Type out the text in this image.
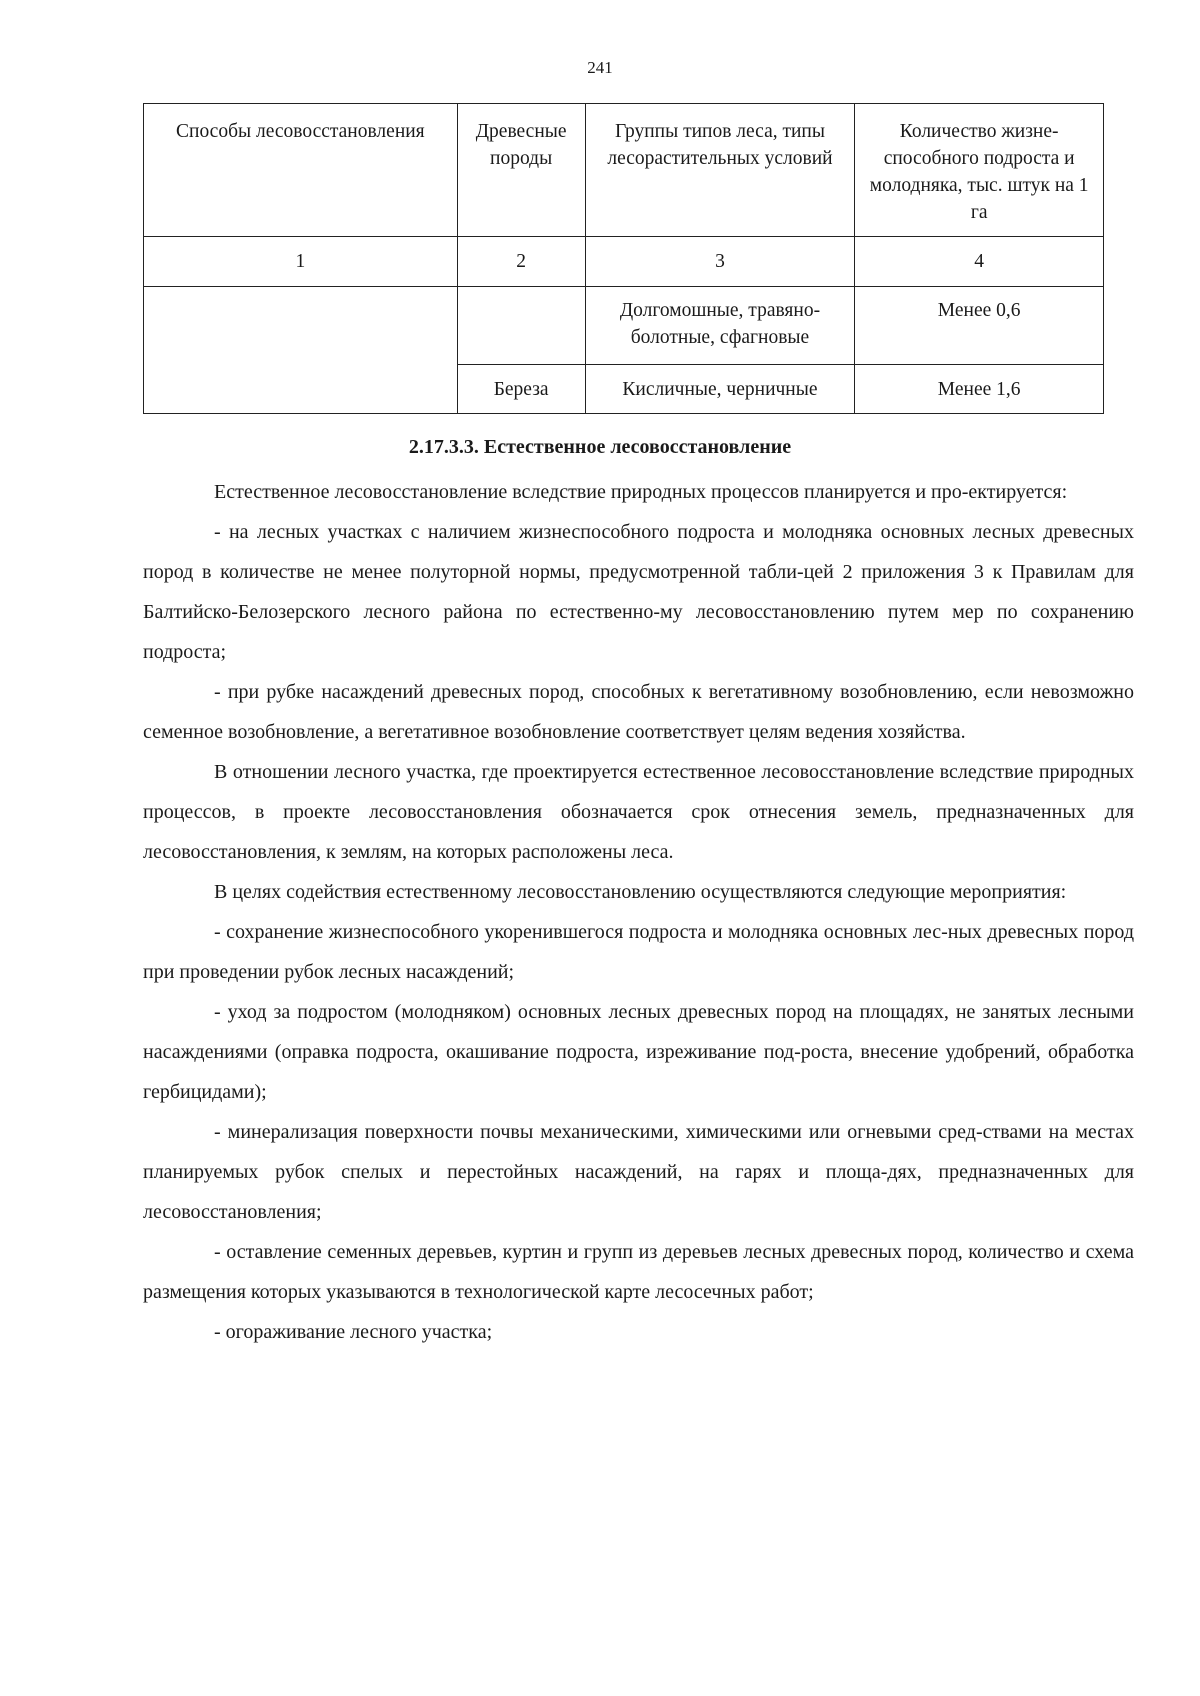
241
Способы лесовосстановления	Древесные породы	Группы типов леса, типы лесорастительных условий	Количество жизне-способного подроста и молодняка, тыс. штук на 1 га
1	2	3	4
		Долгомошные, травяно-болотные, сфагновые	Менее 0,6
	Береза	Кисличные, черничные	Менее 1,6
2.17.3.3. Естественное лесовосстановление

Естественное лесовосстановление вследствие природных процессов планируется и про-ектируется:

- на лесных участках с наличием жизнеспособного подроста и молодняка основных лесных древесных пород в количестве не менее полуторной нормы, предусмотренной табли-цей 2 приложения 3 к Правилам для Балтийско-Белозерского лесного района по естественно-му лесовосстановлению путем мер по сохранению подроста;

- при рубке насаждений древесных пород, способных к вегетативному возобновлению, если невозможно семенное возобновление, а вегетативное возобновление соответствует целям ведения хозяйства.

В отношении лесного участка, где проектируется естественное лесовосстановление вследствие природных процессов, в проекте лесовосстановления обозначается срок отнесения земель, предназначенных для лесовосстановления, к землям, на которых расположены леса.

В целях содействия естественному лесовосстановлению осуществляются следующие мероприятия:

- сохранение жизнеспособного укоренившегося подроста и молодняка основных лес-ных древесных пород при проведении рубок лесных насаждений;

- уход за подростом (молодняком) основных лесных древесных пород на площадях, не занятых лесными насаждениями (оправка подроста, окашивание подроста, изреживание под-роста, внесение удобрений, обработка гербицидами);

- минерализация поверхности почвы механическими, химическими или огневыми сред-ствами на местах планируемых рубок спелых и перестойных насаждений, на гарях и площа-дях, предназначенных для лесовосстановления;

- оставление семенных деревьев, куртин и групп из деревьев лесных древесных пород, количество и схема размещения которых указываются в технологической карте лесосечных работ;

- огораживание лесного участка;
